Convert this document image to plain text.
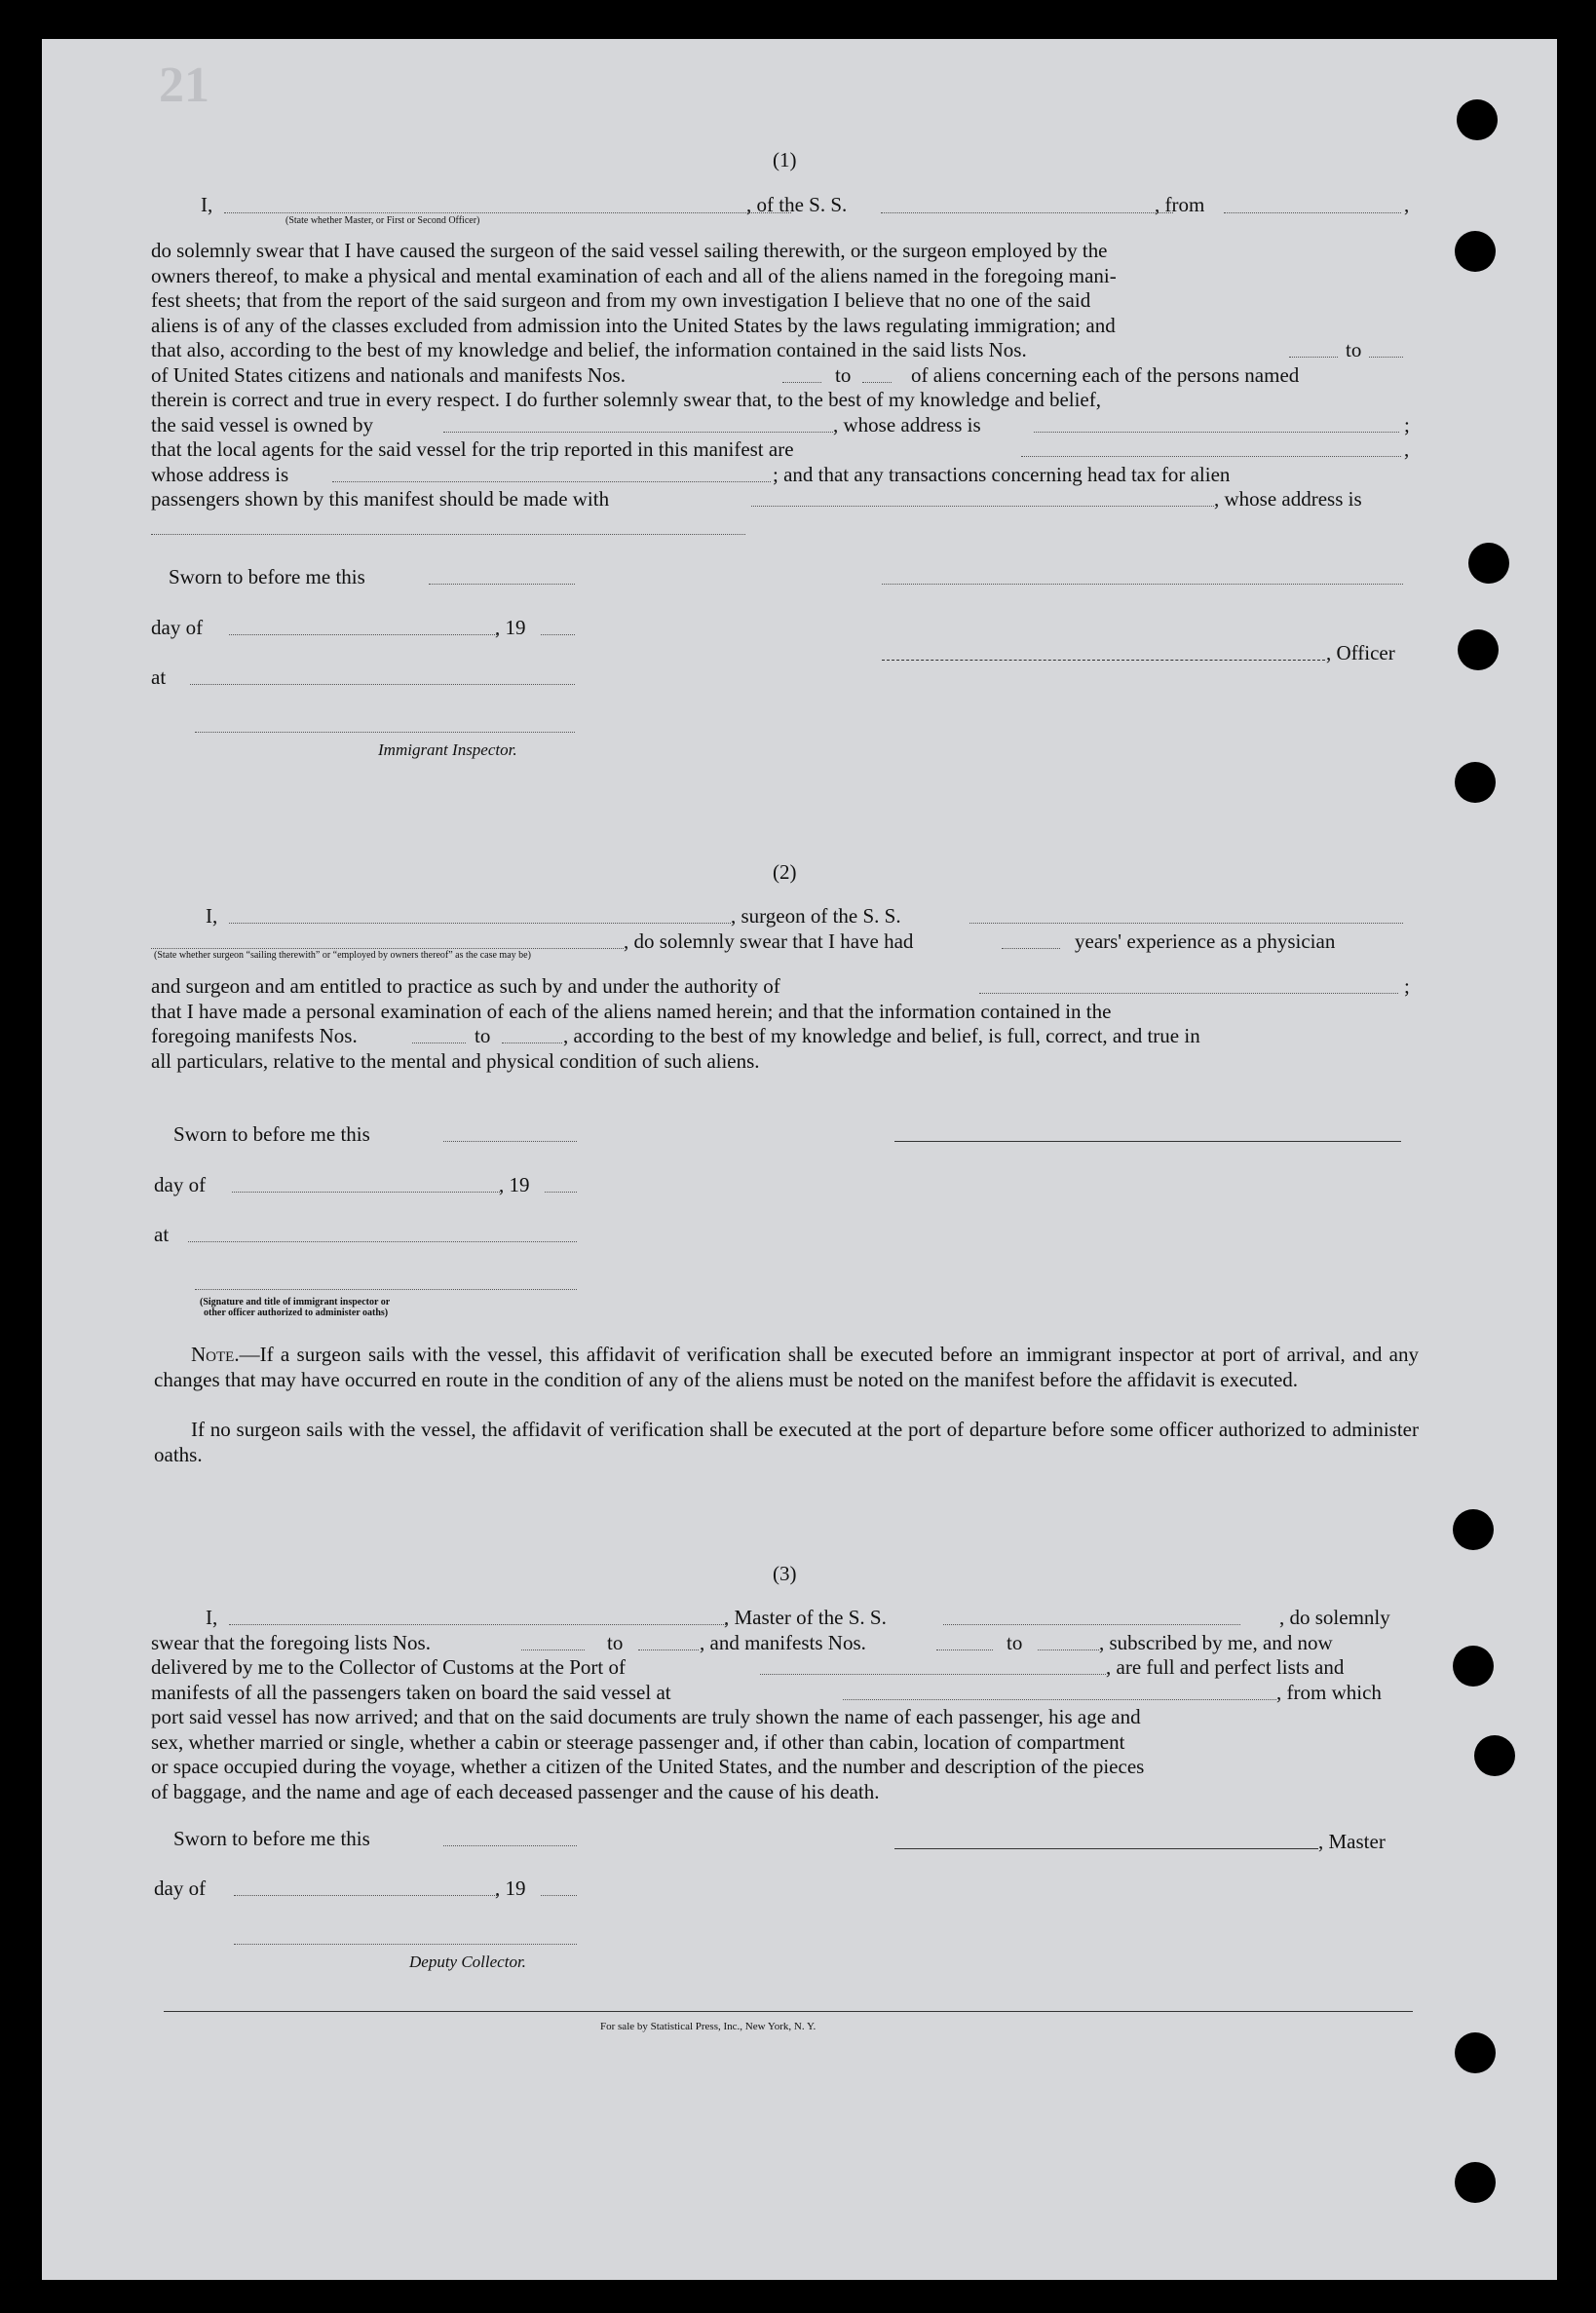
21
(1)
I,	, of the S. S.	, from	,
(State whether Master, or First or Second Officer)
do solemnly swear that I have caused the surgeon of the said vessel sailing therewith, or the surgeon employed by the
owners thereof, to make a physical and mental examination of each and all of the aliens named in the foregoing mani-
fest sheets; that from the report of the said surgeon and from my own investigation I believe that no one of the said
aliens is of any of the classes excluded from admission into the United States by the laws regulating immigration; and
that also, according to the best of my knowledge and belief, the information contained in the said lists Nos.	to
of United States citizens and nationals and manifests Nos.	to	of aliens concerning each of the persons named
therein is correct and true in every respect. I do further solemnly swear that, to the best of my knowledge and belief,
the said vessel is owned by	, whose address is	;
that the local agents for the said vessel for the trip reported in this manifest are	,
whose address is	; and that any transactions concerning head tax for alien
passengers shown by this manifest should be made with	, whose address is
Sworn to before me this
day of	, 19
, Officer
at
Immigrant Inspector.
(2)
I,	, surgeon of the S. S.
, do solemnly swear that I have had	years' experience as a physician
(State whether surgeon “sailing therewith” or “employed by owners thereof” as the case may be)
and surgeon and am entitled to practice as such by and under the authority of	;
that I have made a personal examination of each of the aliens named herein; and that the information contained in the
foregoing manifests Nos.	to	, according to the best of my knowledge and belief, is full, correct, and true in
all particulars, relative to the mental and physical condition of such aliens.
Sworn to before me this
day of	, 19
at
(Signature and title of immigrant inspector or
other officer authorized to administer oaths)
Note.—If a surgeon sails with the vessel, this affidavit of verification shall be executed before an immigrant inspector at port of arrival, and any changes that may have occurred en route in the condition of any of the aliens must be noted on the manifest before the affidavit is executed.
If no surgeon sails with the vessel, the affidavit of verification shall be executed at the port of departure before some officer authorized to administer oaths.
(3)
I,	, Master of the S. S.	, do solemnly
swear that the foregoing lists Nos.	to	, and manifests Nos.	to	, subscribed by me, and now
delivered by me to the Collector of Customs at the Port of	, are full and perfect lists and
manifests of all the passengers taken on board the said vessel at	, from which
port said vessel has now arrived; and that on the said documents are truly shown the name of each passenger, his age and
sex, whether married or single, whether a cabin or steerage passenger and, if other than cabin, location of compartment
or space occupied during the voyage, whether a citizen of the United States, and the number and description of the pieces
of baggage, and the name and age of each deceased passenger and the cause of his death.
Sworn to before me this	, Master
day of	, 19
Deputy Collector.
For sale by Statistical Press, Inc., New York, N. Y.
